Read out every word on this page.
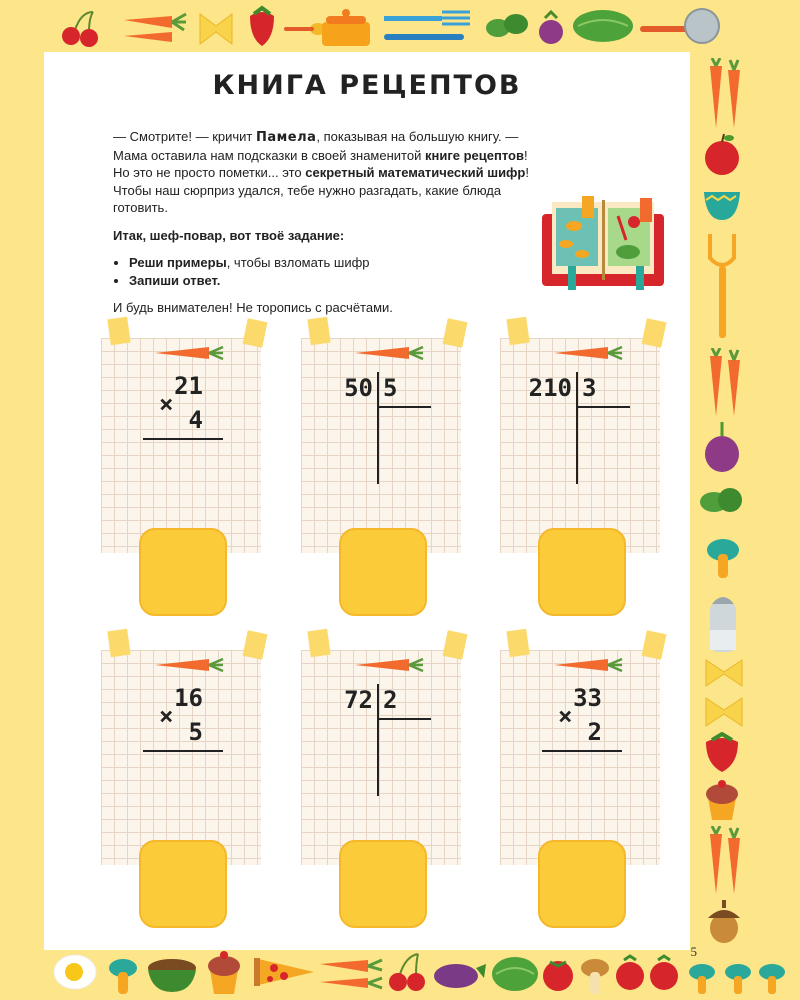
5
КНИГА РЕЦЕПТОВ

— Смотрите! — кричит Памела, показывая на большую книгу. — Мама оставила нам подсказки в своей знаменитой книге рецептов! Но это не просто пометки... это секретный математический шифр! Чтобы наш сюрприз удался, тебе нужно разгадать, какие блюда готовить.

Итак, шеф-повар, вот твоё задание:

• Реши примеры, чтобы взломать шифр
• Запиши ответ.

И будь внимателен! Не торопись с расчётами.

21
4
×
50 5	210 3
16
5
×
72 2	33
2
×
